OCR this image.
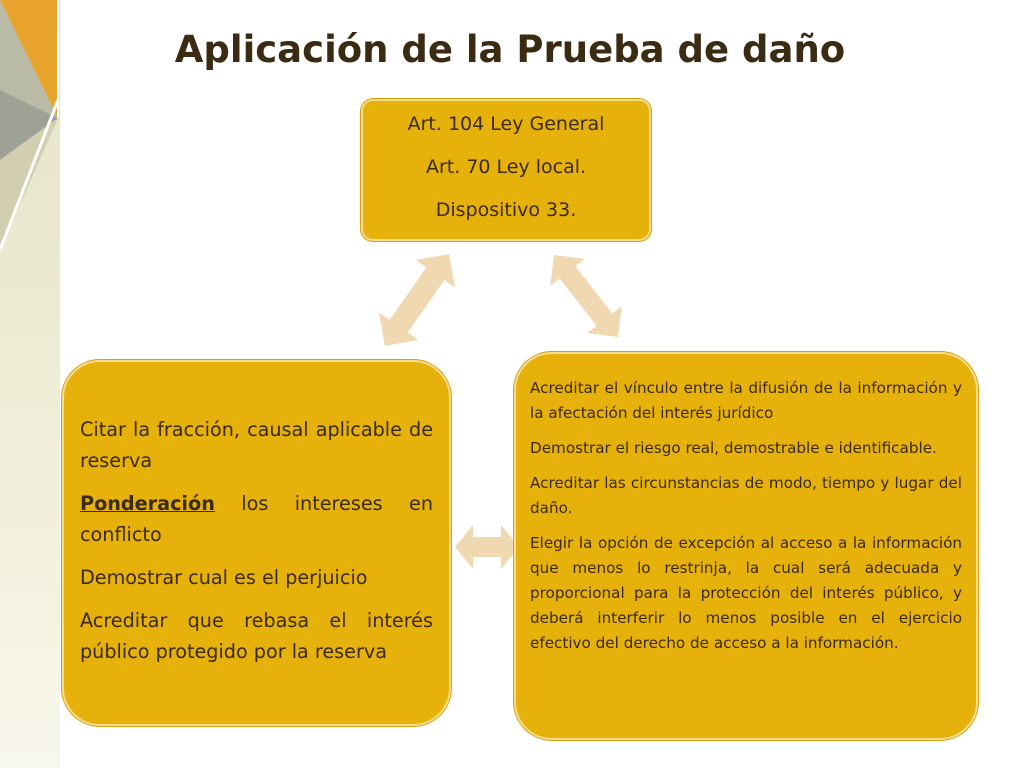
Aplicación de la Prueba de daño

Art. 104 Ley General

Art. 70 Ley local.

Dispositivo 33.

Citar la fracción, causal aplicable de reserva

Ponderación los intereses en conflicto

Demostrar cual es el perjuicio

Acreditar que rebasa el interés público protegido por la reserva

Acreditar el vínculo entre la difusión de la información y la afectación del interés jurídico

Demostrar el riesgo real, demostrable e identificable.

Acreditar las circunstancias de modo, tiempo y lugar del daño.

Elegir la opción de excepción al acceso a la información que menos lo restrinja, la cual será adecuada y proporcional para la protección del interés público, y deberá interferir lo menos posible en el ejercicio efectivo del derecho de acceso a la información.
